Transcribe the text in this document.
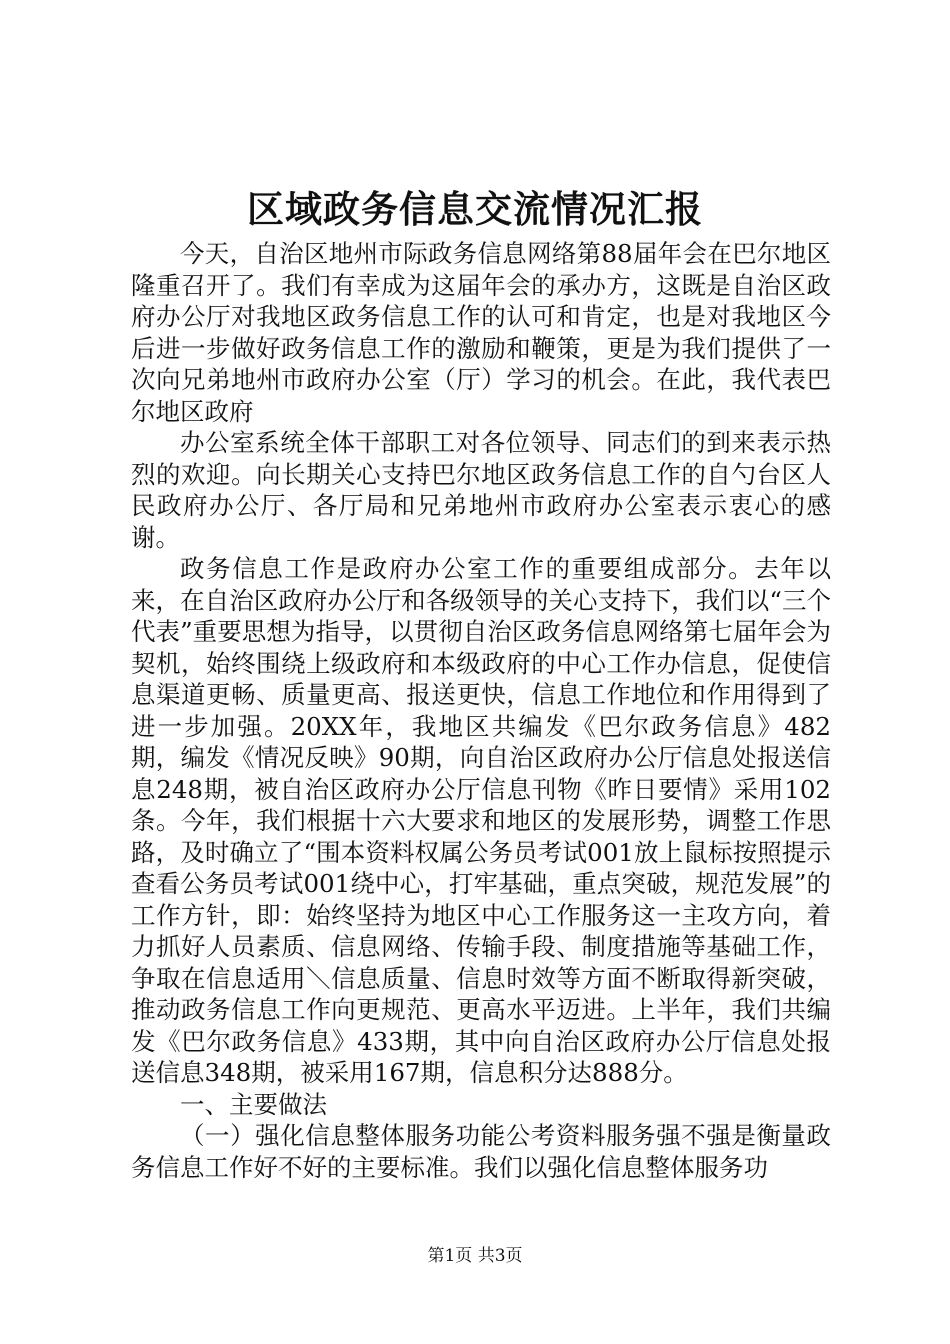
区域政务信息交流情况汇报

今天，自治区地州市际政务信息网络第88届年会在巴尔地区隆重召开了。我们有幸成为这届年会的承办方，这既是自治区政府办公厅对我地区政务信息工作的认可和肯定，也是对我地区今后进一步做好政务信息工作的激励和鞭策，更是为我们提供了一次向兄弟地州市政府办公室（厅）学习的机会。在此，我代表巴尔地区政府

办公室系统全体干部职工对各位领导、同志们的到来表示热烈的欢迎。向长期关心支持巴尔地区政务信息工作的自勺台区人民政府办公厅、各厅局和兄弟地州市政府办公室表示衷心的感谢。

政务信息工作是政府办公室工作的重要组成部分。去年以来，在自治区政府办公厅和各级领导的关心支持下，我们以“三个代表”重要思想为指导，以贯彻自治区政务信息网络第七届年会为契机，始终围绕上级政府和本级政府的中心工作办信息，促使信息渠道更畅、质量更高、报送更快，信息工作地位和作用得到了进一步加强。20XX年，我地区共编发《巴尔政务信息》482期，编发《情况反映》90期，向自治区政府办公厅信息处报送信息248期，被自治区政府办公厅信息刊物《昨日要情》采用102条。今年，我们根据十六大要求和地区的发展形势，调整工作思路，及时确立了“围本资料权属公务员考试001放上鼠标按照提示查看公务员考试001绕中心，打牢基础，重点突破，规范发展”的工作方针，即：始终坚持为地区中心工作服务这一主攻方向，着力抓好人员素质、信息网络、传输手段、制度措施等基础工作，争取在信息适用＼信息质量、信息时效等方面不断取得新突破，推动政务信息工作向更规范、更高水平迈进。上半年，我们共编发《巴尔政务信息》433期，其中向自治区政府办公厅信息处报送信息348期，被采用167期，信息积分达888分。

一、主要做法

（一）强化信息整体服务功能公考资料服务强不强是衡量政务信息工作好不好的主要标准。我们以强化信息整体服务功

第1页 共3页
